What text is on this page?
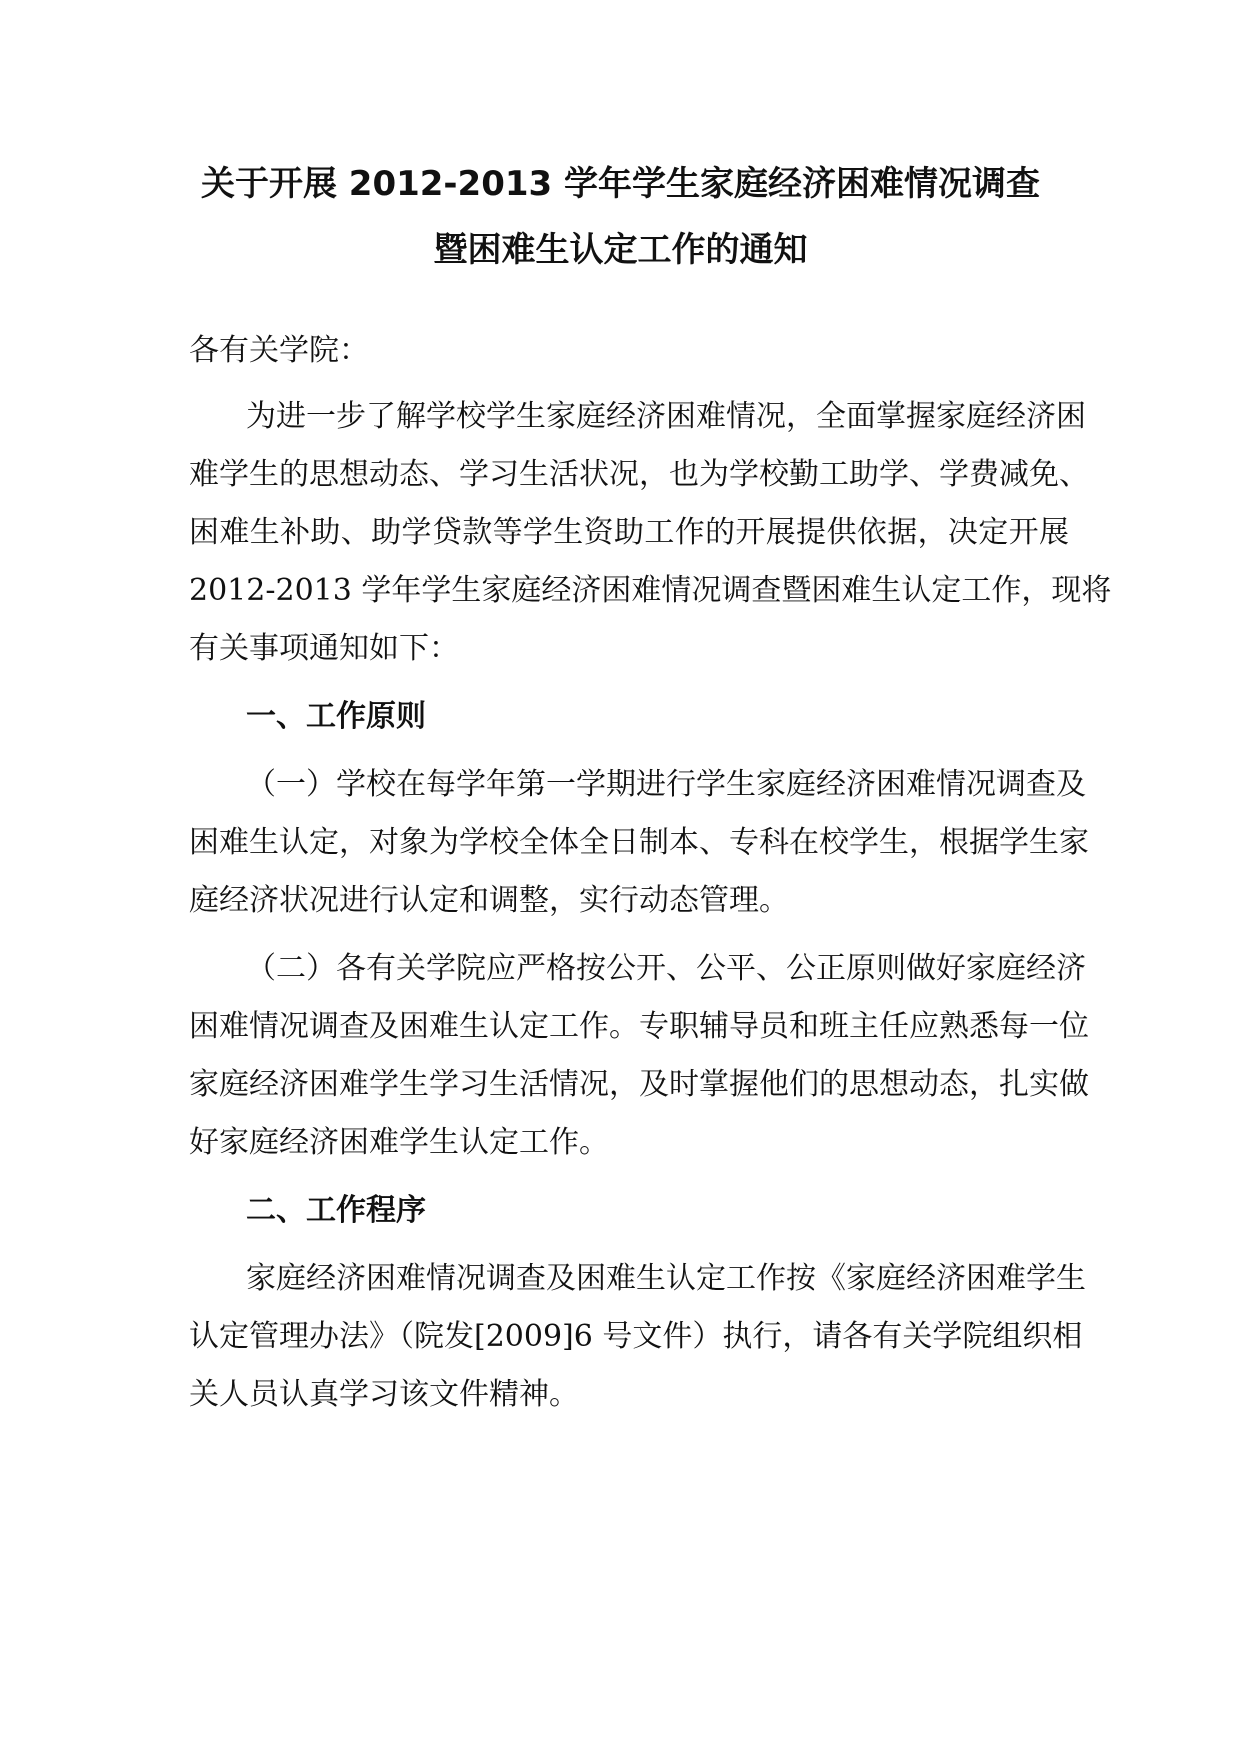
关于开展 2012-2013 学年学生家庭经济困难情况调查
暨困难生认定工作的通知

各有关学院：

为进一步了解学校学生家庭经济困难情况，全面掌握家庭经济困

难学生的思想动态、学习生活状况，也为学校勤工助学、学费减免、

困难生补助、助学贷款等学生资助工作的开展提供依据，决定开展

2012-2013 学年学生家庭经济困难情况调查暨困难生认定工作，现将

有关事项通知如下：

一、工作原则

（一）学校在每学年第一学期进行学生家庭经济困难情况调查及

困难生认定，对象为学校全体全日制本、专科在校学生，根据学生家

庭经济状况进行认定和调整，实行动态管理。

（二）各有关学院应严格按公开、公平、公正原则做好家庭经济

困难情况调查及困难生认定工作。专职辅导员和班主任应熟悉每一位

家庭经济困难学生学习生活情况，及时掌握他们的思想动态，扎实做

好家庭经济困难学生认定工作。

二、工作程序

家庭经济困难情况调查及困难生认定工作按《家庭经济困难学生

认定管理办法》（院发[2009]6 号文件）执行，请各有关学院组织相

关人员认真学习该文件精神。
